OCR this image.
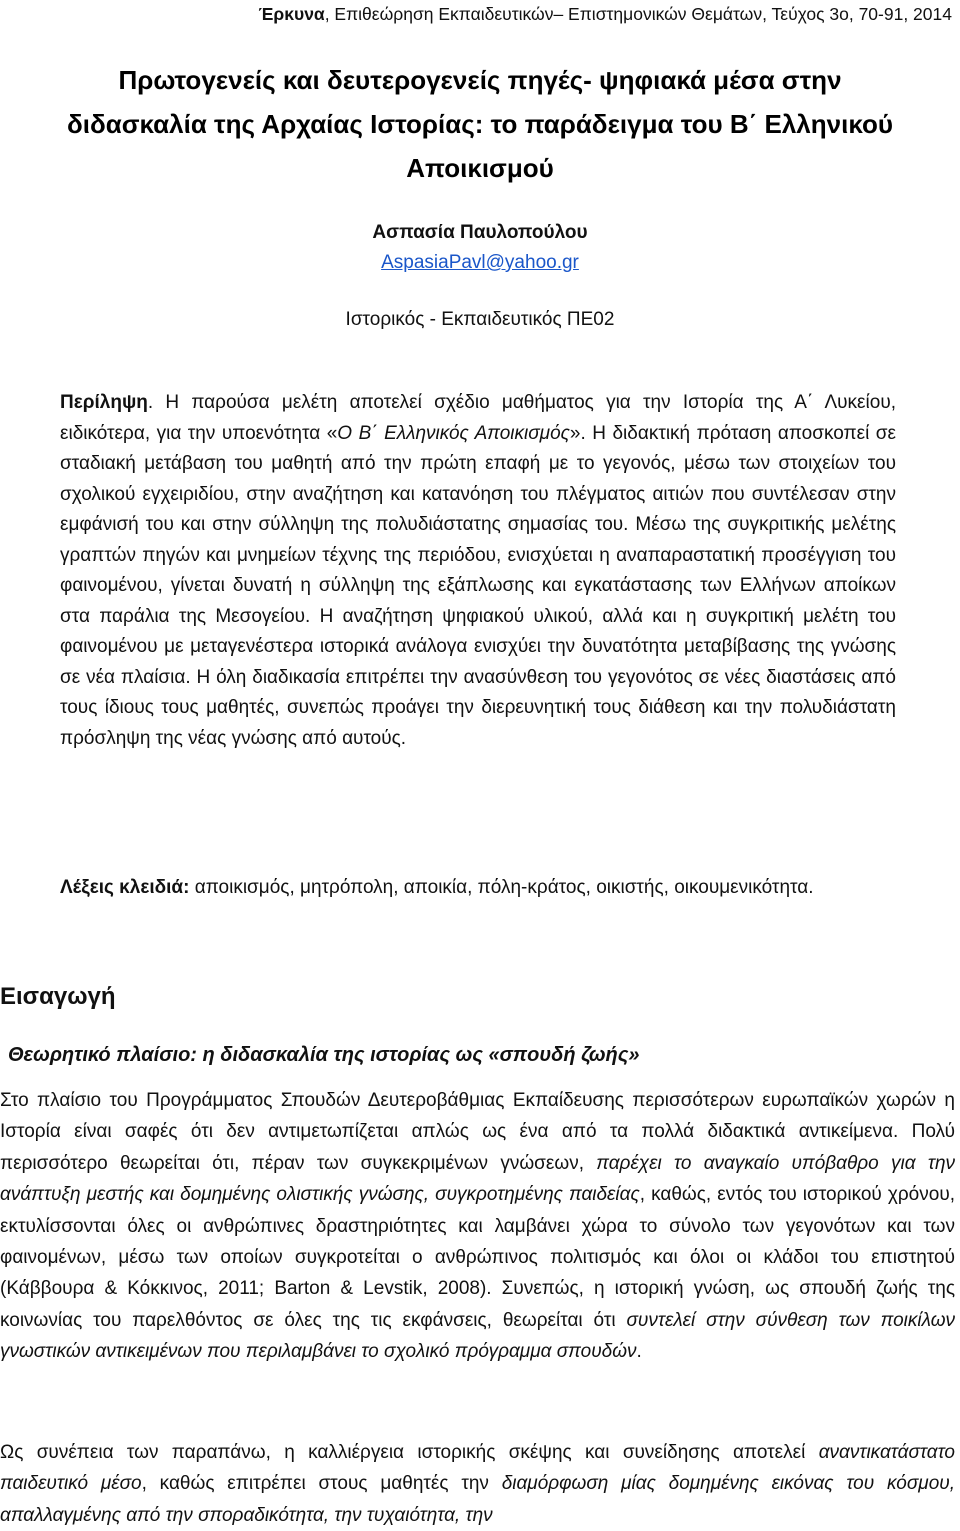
Έρκυνα, Επιθεώρηση Εκπαιδευτικών– Επιστημονικών Θεμάτων, Τεύχος 3ο, 70-91, 2014
Πρωτογενείς και δευτερογενείς πηγές- ψηφιακά μέσα στην
διδασκαλία της Αρχαίας Ιστορίας: το παράδειγμα του Β΄ Ελληνικού
Αποικισμού
Ασπασία Παυλοπούλου
AspasiaPavl@yahoo.gr
Ιστορικός - Εκπαιδευτικός ΠΕ02
Περίληψη. Η παρούσα μελέτη αποτελεί σχέδιο μαθήματος για την Ιστορία της Α΄ Λυκείου, ειδικότερα, για την υποενότητα «Ο Β΄ Ελληνικός Αποικισμός». Η διδακτική πρόταση αποσκοπεί σε σταδιακή μετάβαση του μαθητή από την πρώτη επαφή με το γεγονός, μέσω των στοιχείων του σχολικού εγχειριδίου, στην αναζήτηση και κατανόηση του πλέγματος αιτιών που συντέλεσαν στην εμφάνισή του και στην σύλληψη της πολυδιάστατης σημασίας του. Μέσω της συγκριτικής μελέτης γραπτών πηγών και μνημείων τέχνης της περιόδου, ενισχύεται η αναπαραστατική προσέγγιση του φαινομένου, γίνεται δυνατή η σύλληψη της εξάπλωσης και εγκατάστασης των Ελλήνων αποίκων στα παράλια της Μεσογείου. Η αναζήτηση ψηφιακού υλικού, αλλά και η συγκριτική μελέτη του φαινομένου με μεταγενέστερα ιστορικά ανάλογα ενισχύει την δυνατότητα μεταβίβασης της γνώσης σε νέα πλαίσια. Η όλη διαδικασία επιτρέπει την ανασύνθεση του γεγονότος σε νέες διαστάσεις από τους ίδιους τους μαθητές, συνεπώς προάγει την διερευνητική τους διάθεση και την πολυδιάστατη πρόσληψη της νέας γνώσης από αυτούς.
Λέξεις κλειδιά: αποικισμός, μητρόπολη, αποικία, πόλη-κράτος, οικιστής, οικουμενικότητα.
Εισαγωγή
Θεωρητικό πλαίσιο: η διδασκαλία της ιστορίας ως «σπουδή ζωής»
Στο πλαίσιο του Προγράμματος Σπουδών Δευτεροβάθμιας Εκπαίδευσης περισσότερων ευρωπαϊκών χωρών η Ιστορία είναι σαφές ότι δεν αντιμετωπίζεται απλώς ως ένα από τα πολλά διδακτικά αντικείμενα. Πολύ περισσότερο θεωρείται ότι, πέραν των συγκεκριμένων γνώσεων, παρέχει το αναγκαίο υπόβαθρο για την ανάπτυξη μεστής και δομημένης ολιστικής γνώσης, συγκροτημένης παιδείας, καθώς, εντός του ιστορικού χρόνου, εκτυλίσσονται όλες οι ανθρώπινες δραστηριότητες και λαμβάνει χώρα το σύνολο των γεγονότων και των φαινομένων, μέσω των οποίων συγκροτείται ο ανθρώπινος πολιτισμός και όλοι οι κλάδοι του επιστητού (Κάββουρα & Κόκκινος, 2011; Barton & Levstik, 2008). Συνεπώς, η ιστορική γνώση, ως σπουδή ζωής της κοινωνίας του παρελθόντος σε όλες της τις εκφάνσεις, θεωρείται ότι συντελεί στην σύνθεση των ποικίλων γνωστικών αντικειμένων που περιλαμβάνει το σχολικό πρόγραμμα σπουδών.
Ως συνέπεια των παραπάνω, η καλλιέργεια ιστορικής σκέψης και συνείδησης αποτελεί αναντικατάστατο παιδευτικό μέσο, καθώς επιτρέπει στους μαθητές την διαμόρφωση μίας δομημένης εικόνας του κόσμου, απαλλαγμένης από την σποραδικότητα, την τυχαιότητα, την
